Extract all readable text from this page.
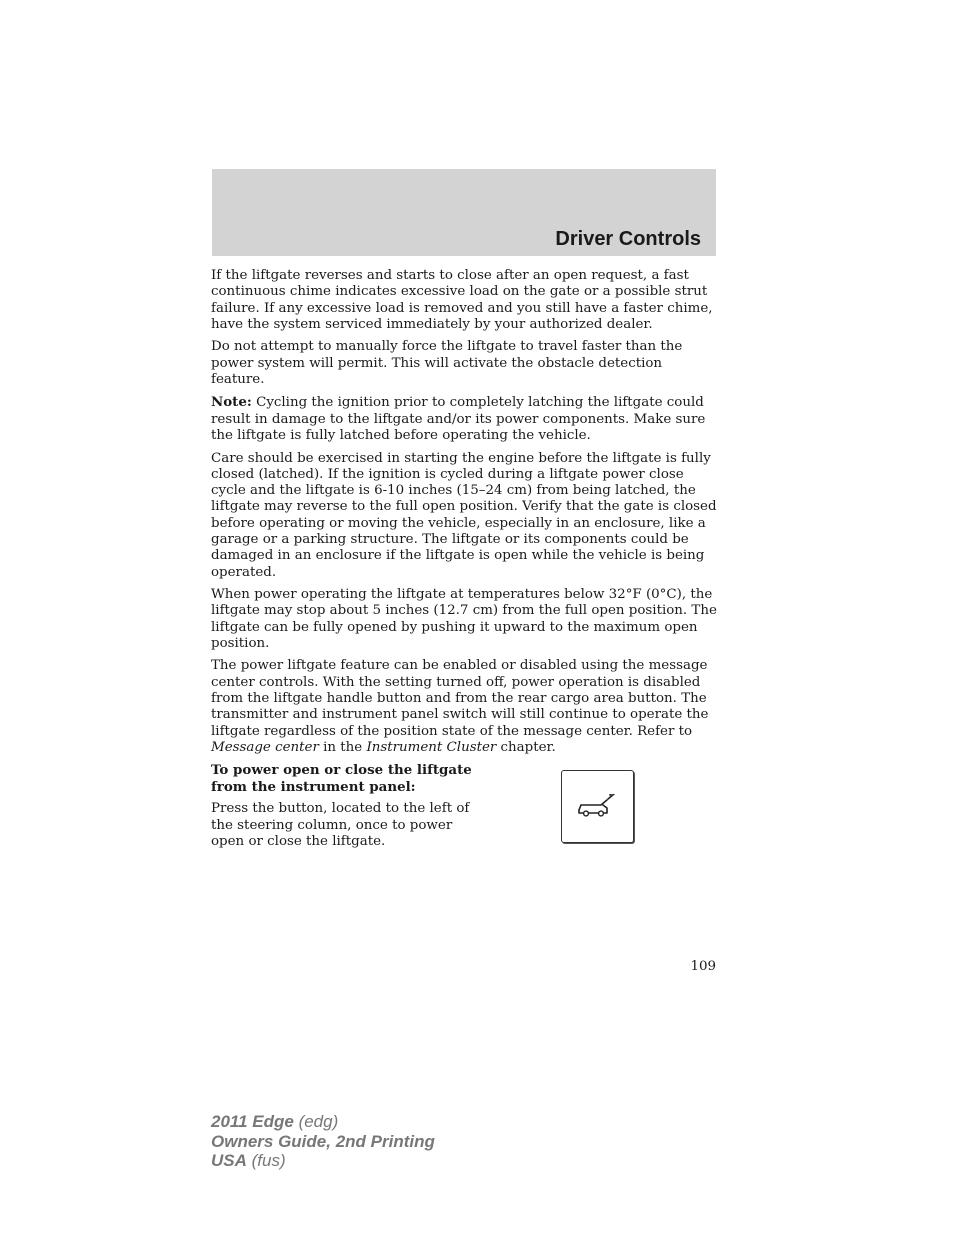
Driver Controls

If the liftgate reverses and starts to close after an open request, a fast continuous chime indicates excessive load on the gate or a possible strut failure. If any excessive load is removed and you still have a faster chime, have the system serviced immediately by your authorized dealer.

Do not attempt to manually force the liftgate to travel faster than the power system will permit. This will activate the obstacle detection feature.

Note: Cycling the ignition prior to completely latching the liftgate could result in damage to the liftgate and/or its power components. Make sure the liftgate is fully latched before operating the vehicle.

Care should be exercised in starting the engine before the liftgate is fully closed (latched). If the ignition is cycled during a liftgate power close cycle and the liftgate is 6-10 inches (15–24 cm) from being latched, the liftgate may reverse to the full open position. Verify that the gate is closed before operating or moving the vehicle, especially in an enclosure, like a garage or a parking structure. The liftgate or its components could be damaged in an enclosure if the liftgate is open while the vehicle is being operated.

When power operating the liftgate at temperatures below 32°F (0°C), the liftgate may stop about 5 inches (12.7 cm) from the full open position. The liftgate can be fully opened by pushing it upward to the maximum open position.

The power liftgate feature can be enabled or disabled using the message center controls. With the setting turned off, power operation is disabled from the liftgate handle button and from the rear cargo area button. The transmitter and instrument panel switch will still continue to operate the liftgate regardless of the position state of the message center. Refer to Message center in the Instrument Cluster chapter.

To power open or close the liftgate from the instrument panel:

Press the button, located to the left of the steering column, once to power open or close the liftgate.

109
2011 Edge (edg)
Owners Guide, 2nd Printing
USA (fus)
